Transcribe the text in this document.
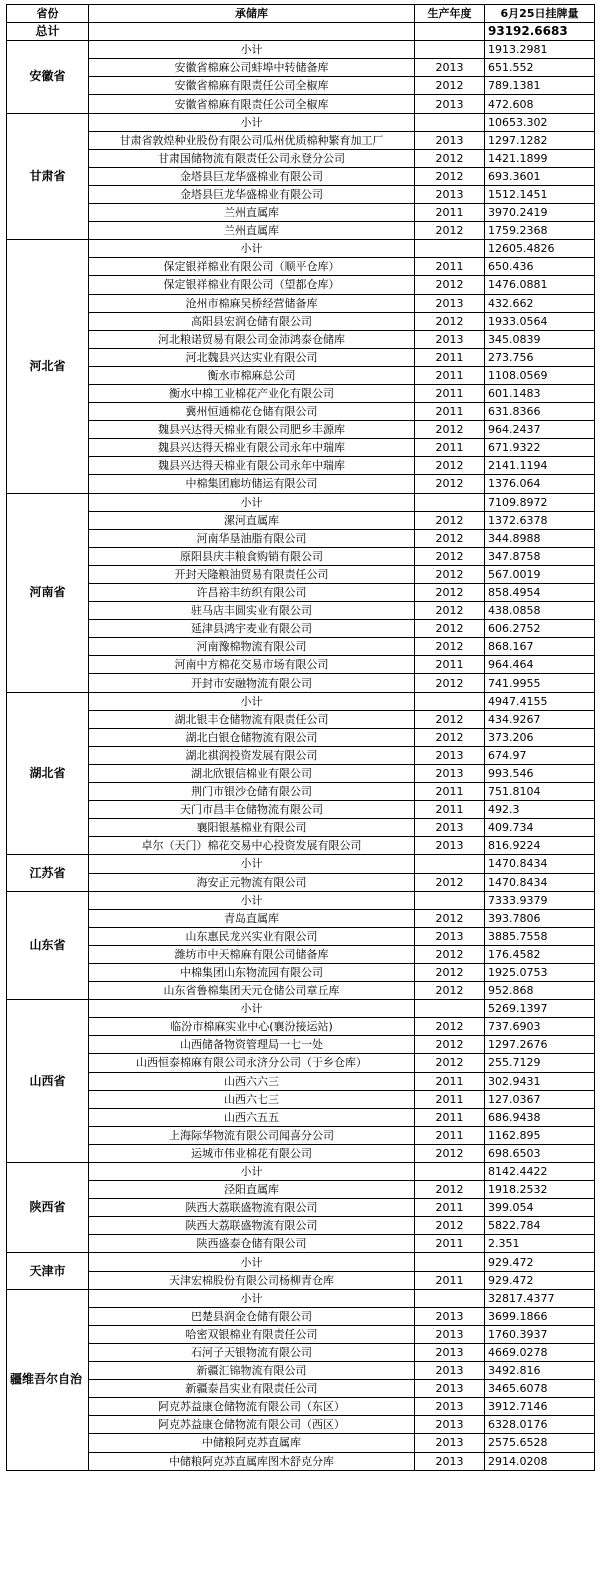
省份	承储库	生产年度	6月25日挂牌量
总计			93192.6683
安徽省	小计		1913.2981
	安徽省棉麻公司蚌埠中转储备库	2013	651.552
	安徽省棉麻有限责任公司全椒库	2012	789.1381
	安徽省棉麻有限责任公司全椒库	2013	472.608
甘肃省	小计		10653.302
	甘肃省敦煌种业股份有限公司瓜州优质棉种繁育加工厂	2013	1297.1282
	甘肃国储物流有限责任公司永登分公司	2012	1421.1899
	金塔县巨龙华盛棉业有限公司	2012	693.3601
	金塔县巨龙华盛棉业有限公司	2013	1512.1451
	兰州直属库	2011	3970.2419
	兰州直属库	2012	1759.2368
河北省	小计		12605.4826
	保定银祥棉业有限公司（顺平仓库）	2011	650.436
	保定银祥棉业有限公司（望都仓库）	2012	1476.0881
	沧州市棉麻吴桥经营储备库	2013	432.662
	高阳县宏润仓储有限公司	2012	1933.0564
	河北粮诺贸易有限公司金沛鸿泰仓储库	2013	345.0839
	河北魏县兴达实业有限公司	2011	273.756
	衡水市棉麻总公司	2011	1108.0569
	衡水中棉工业棉花产业化有限公司	2011	601.1483
	冀州恒通棉花仓储有限公司	2011	631.8366
	魏县兴达得天棉业有限公司肥乡丰源库	2012	964.2437
	魏县兴达得天棉业有限公司永年中瑞库	2011	671.9322
	魏县兴达得天棉业有限公司永年中瑞库	2012	2141.1194
	中棉集团廊坊储运有限公司	2012	1376.064
河南省	小计		7109.8972
	漯河直属库	2012	1372.6378
	河南华垦油脂有限公司	2012	344.8988
	原阳县庆丰粮食购销有限公司	2012	347.8758
	开封天隆粮油贸易有限责任公司	2012	567.0019
	许昌裕丰纺织有限公司	2012	858.4954
	驻马店丰圆实业有限公司	2012	438.0858
	延津县鸿宇麦业有限公司	2012	606.2752
	河南豫棉物流有限公司	2012	868.167
	河南中方棉花交易市场有限公司	2011	964.464
	开封市安融物流有限公司	2012	741.9955
湖北省	小计		4947.4155
	湖北银丰仓储物流有限责任公司	2012	434.9267
	湖北白银仓储物流有限公司	2012	373.206
	湖北祺润投资发展有限公司	2013	674.97
	湖北欣银信棉业有限公司	2013	993.546
	荆门市银沙仓储有限公司	2011	751.8104
	天门市昌丰仓储物流有限公司	2011	492.3
	襄阳银基棉业有限公司	2013	409.734
	卓尔（天门）棉花交易中心投资发展有限公司	2013	816.9224
江苏省	小计		1470.8434
	海安正元物流有限公司	2012	1470.8434
山东省	小计		7333.9379
	青岛直属库	2012	393.7806
	山东惠民龙兴实业有限公司	2013	3885.7558
	潍坊市中天棉麻有限公司储备库	2012	176.4582
	中棉集团山东物流园有限公司	2012	1925.0753
	山东省鲁棉集团天元仓储公司章丘库	2012	952.868
山西省	小计		5269.1397
	临汾市棉麻实业中心(襄汾接运站)	2012	737.6903
	山西储备物资管理局一七一处	2012	1297.2676
	山西恒泰棉麻有限公司永济分公司（于乡仓库）	2012	255.7129
	山西六六三	2011	302.9431
	山西六七三	2011	127.0367
	山西六五五	2011	686.9438
	上海际华物流有限公司闻喜分公司	2011	1162.895
	运城市伟业棉花有限公司	2012	698.6503
陕西省	小计		8142.4422
	泾阳直属库	2012	1918.2532
	陕西大荔联盛物流有限公司	2011	399.054
	陕西大荔联盛物流有限公司	2012	5822.784
	陕西盛泰仓储有限公司	2011	2.351
天津市	小计		929.472
	天津宏棉股份有限公司杨柳青仓库	2011	929.472
疆维吾尔自治	小计		32817.4377
	巴楚县润金仓储有限公司	2013	3699.1866
	哈密双银棉业有限责任公司	2013	1760.3937
	石河子天银物流有限公司	2013	4669.0278
	新疆汇锦物流有限公司	2013	3492.816
	新疆泰昌实业有限责任公司	2013	3465.6078
	阿克苏益康仓储物流有限公司（东区）	2013	3912.7146
	阿克苏益康仓储物流有限公司（西区）	2013	6328.0176
	中储粮阿克苏直属库	2013	2575.6528
	中储粮阿克苏直属库图木舒克分库	2013	2914.0208
